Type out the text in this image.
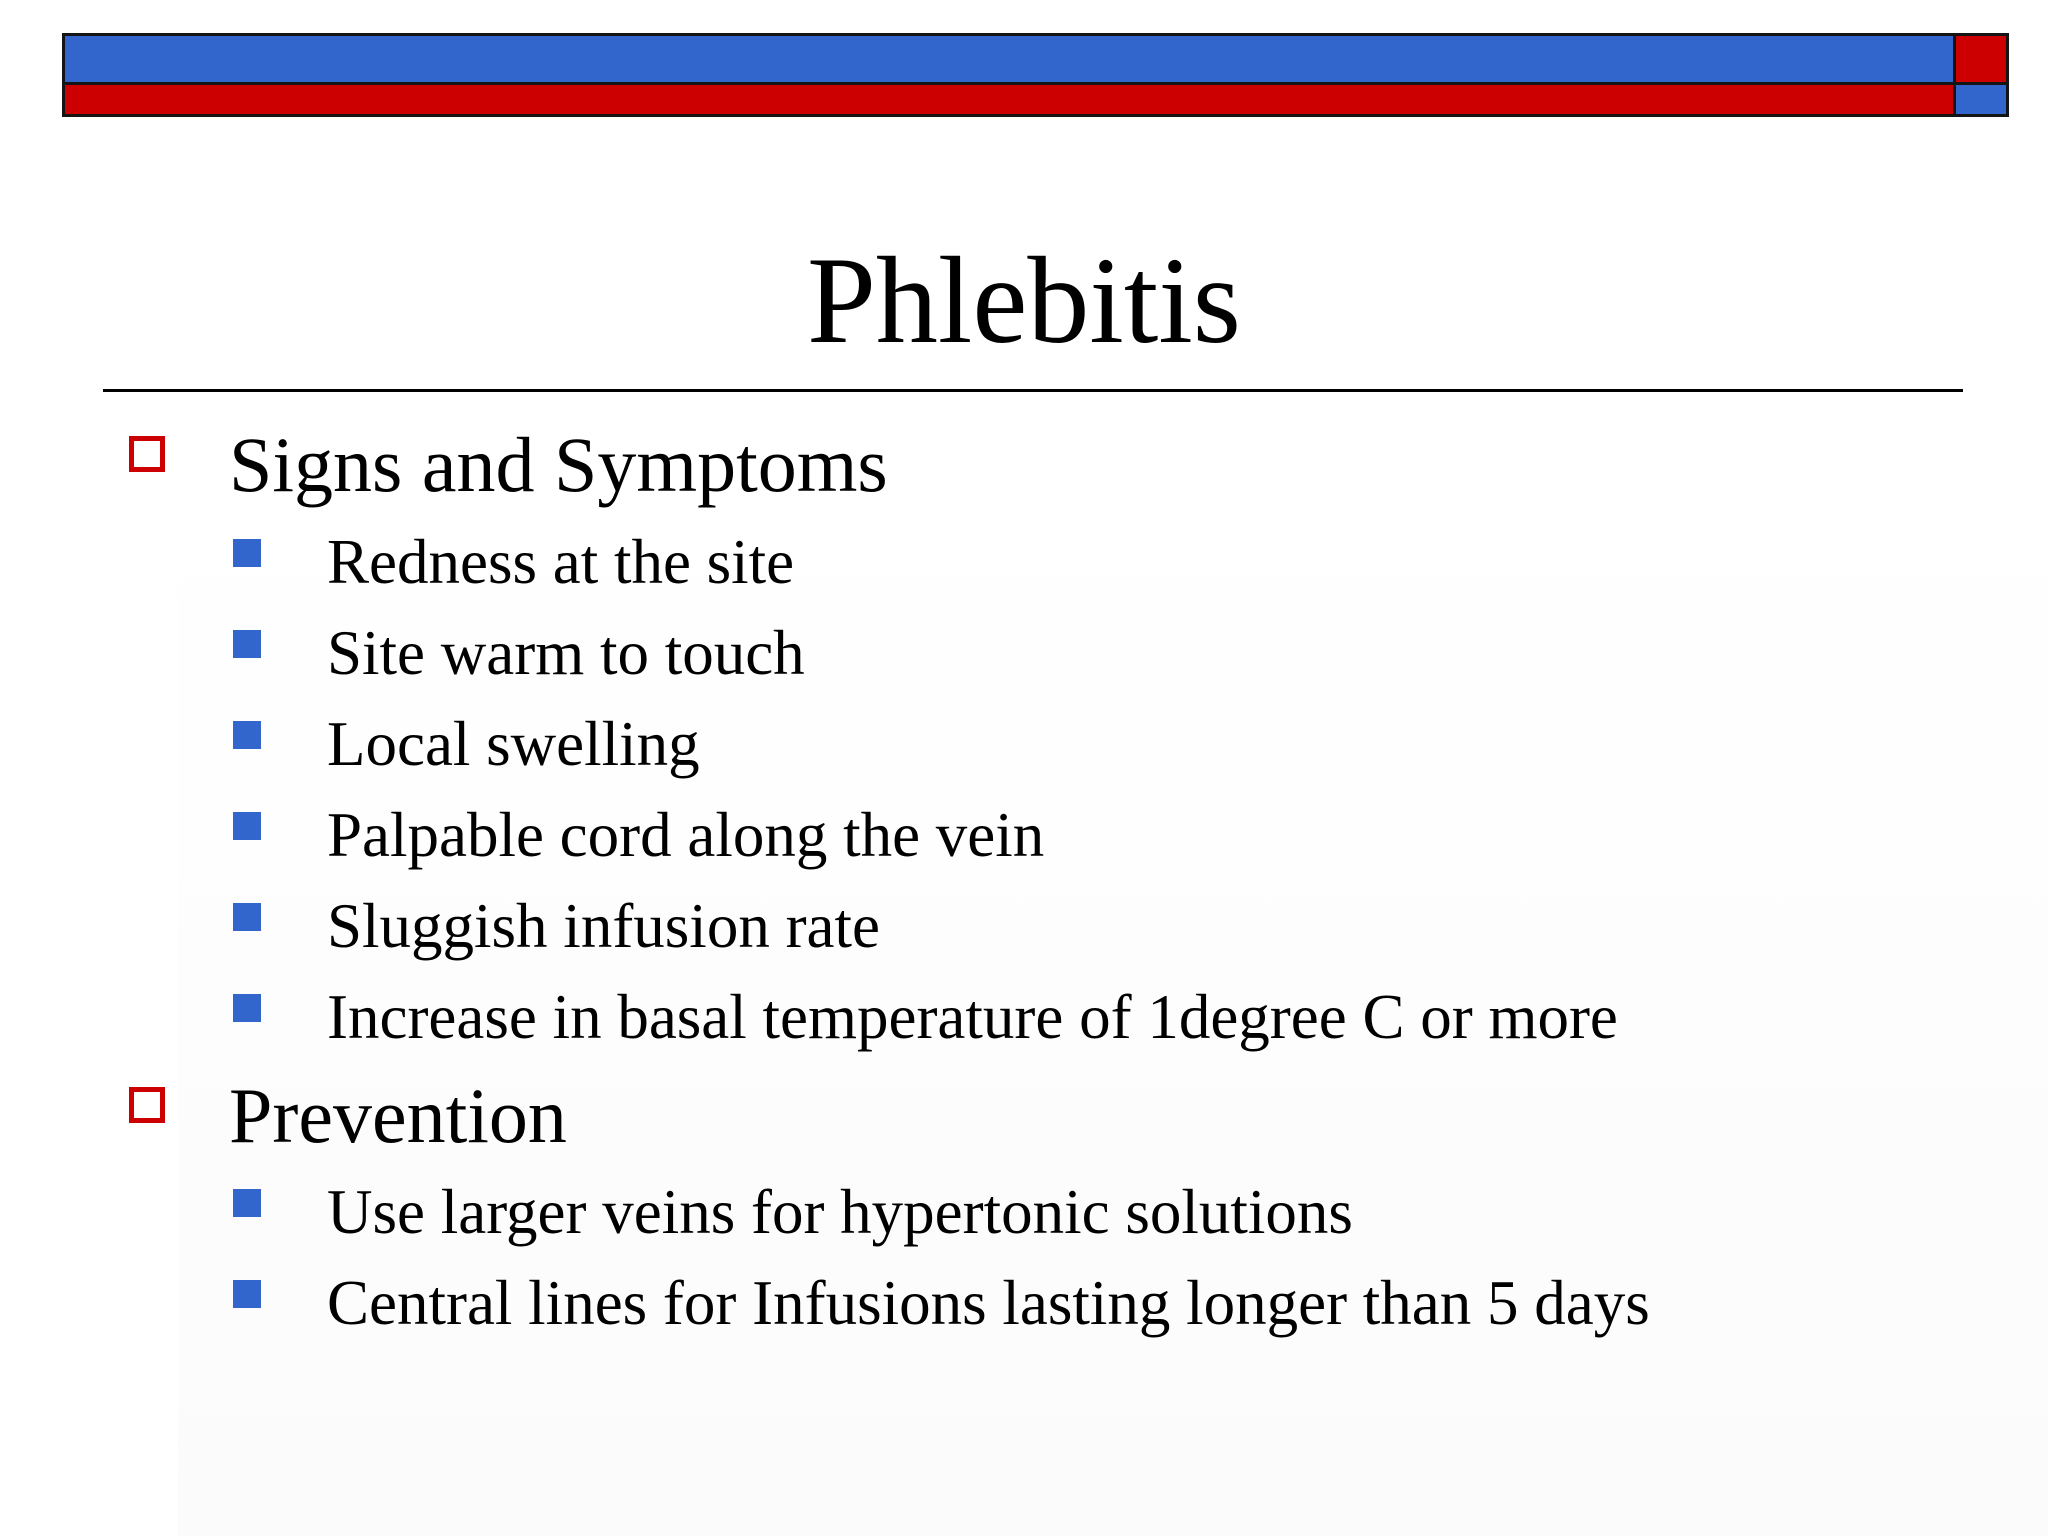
Phlebitis
Signs and Symptoms
Redness at the site
Site warm to touch
Local swelling
Palpable cord along the vein
Sluggish infusion rate
Increase in basal temperature of 1degree C or more
Prevention
Use larger veins for hypertonic solutions
Central lines for Infusions lasting longer than 5 days
